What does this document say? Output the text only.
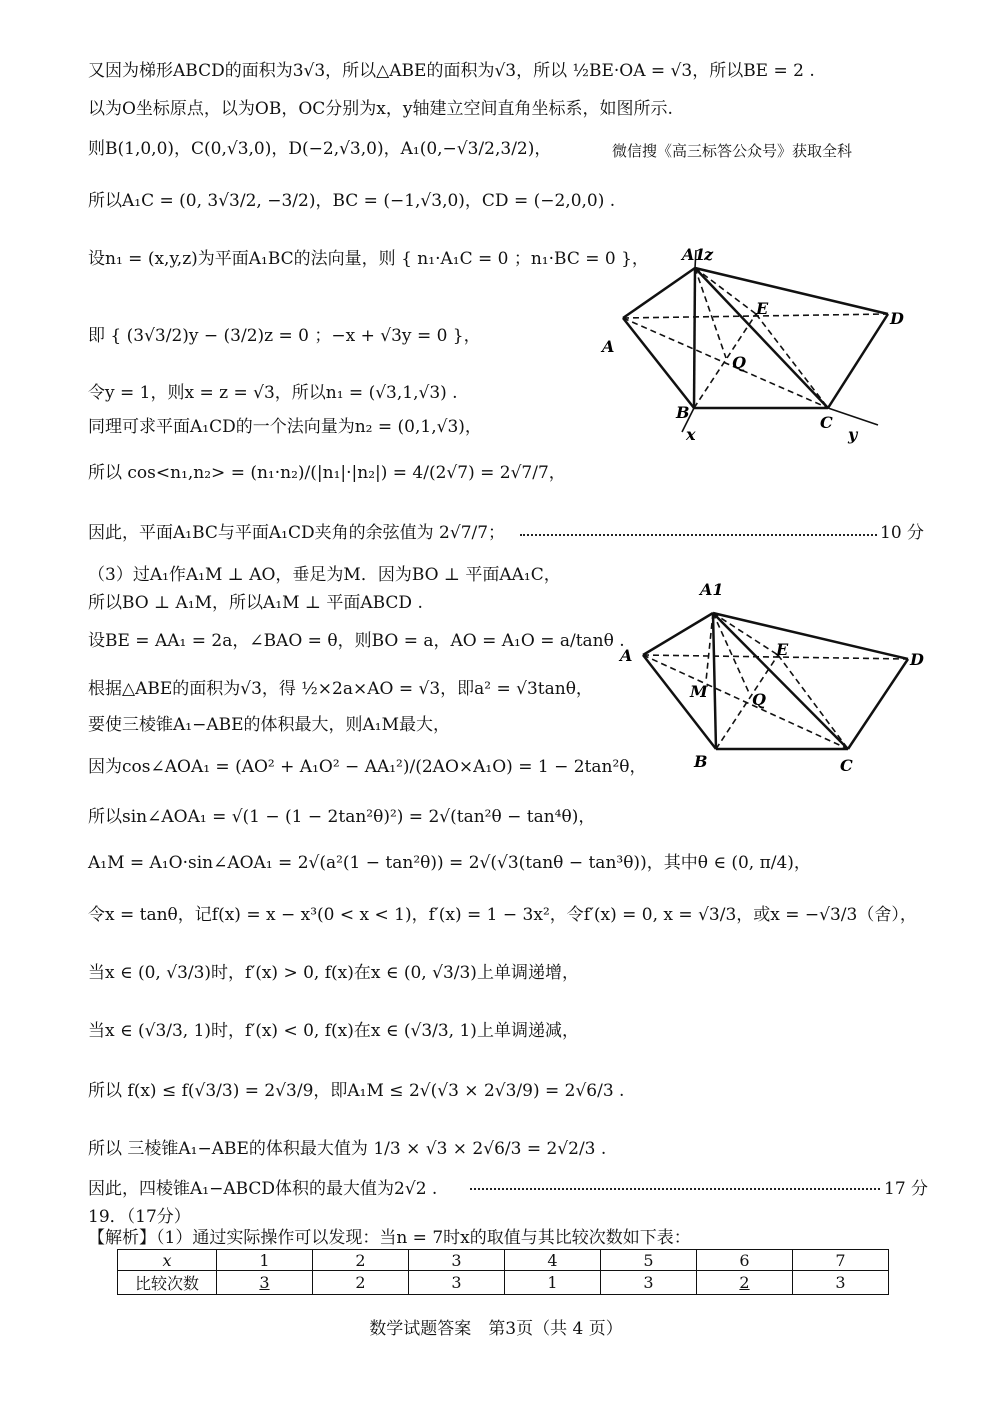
又因为梯形ABCD的面积为3√3，所以△ABE的面积为√3，所以 ½BE·OA = √3，所以BE = 2 .
以为O坐标原点，以为OB，OC分别为x，y轴建立空间直角坐标系，如图所示.
则B(1,0,0)，C(0,√3,0)，D(−2,√3,0)，A₁(0,−√3/2,3/2)，	微信搜《高三标答公众号》获取全科
所以A₁C = (0, 3√3/2, −3/2)，BC = (−1,√3,0)，CD = (−2,0,0) .
设n₁ = (x,y,z)为平面A₁BC的法向量，则 { n₁·A₁C = 0 ；n₁·BC = 0 }，
即 { (3√3/2)y − (3/2)z = 0 ；−x + √3y = 0 }，
令y = 1，则x = z = √3，所以n₁ = (√3,1,√3) .
同理可求平面A₁CD的一个法向量为n₂ = (0,1,√3)，
所以 cos<n₁,n₂> = (n₁·n₂)/(|n₁|·|n₂|) = 4/(2√7) = 2√7/7，
因此，平面A₁BC与平面A₁CD夹角的余弦值为 2√7/7；	10 分
（3）过A₁作A₁M ⊥ AO，垂足为M．因为BO ⊥ 平面AA₁C，
所以BO ⊥ A₁M，所以A₁M ⊥ 平面ABCD .
设BE = AA₁ = 2a，∠BAO = θ，则BO = a，AO = A₁O = a/tanθ .
根据△ABE的面积为√3，得 ½×2a×AO = √3，即a² = √3tanθ，
要使三棱锥A₁−ABE的体积最大，则A₁M最大，
因为cos∠AOA₁ = (AO² + A₁O² − AA₁²)/(2AO×A₁O) = 1 − 2tan²θ，
所以sin∠AOA₁ = √(1 − (1 − 2tan²θ)²) = 2√(tan²θ − tan⁴θ)，
A₁M = A₁O·sin∠AOA₁ = 2√(a²(1 − tan²θ)) = 2√(√3(tanθ − tan³θ))，其中θ ∈ (0, π/4)，
令x = tanθ，记f(x) = x − x³(0 < x < 1)，f′(x) = 1 − 3x²，令f′(x) = 0, x = √3/3，或x = −√3/3（舍），
当x ∈ (0, √3/3)时，f′(x) > 0, f(x)在x ∈ (0, √3/3)上单调递增，
当x ∈ (√3/3, 1)时，f′(x) < 0, f(x)在x ∈ (√3/3, 1)上单调递减，
所以 f(x) ≤ f(√3/3) = 2√3/9，即A₁M ≤ 2√(√3 × 2√3/9) = 2√6/3 .
所以 三棱锥A₁−ABE的体积最大值为 1/3 × √3 × 2√6/3 = 2√2/3 .
因此，四棱锥A₁−ABCD体积的最大值为2√2 .	17 分
19．（17分）
【解析】（1）通过实际操作可以发现：当n = 7时x的取值与其比较次数如下表：
A1
z
A
E
D
Q
B
C
x	y
A1
A	E
D
M	Q
B	C
x	1	2	3	4	5	6	7
比较次数	3	2	3	1	3	2	3
数学试题答案　第3页（共 4 页）
